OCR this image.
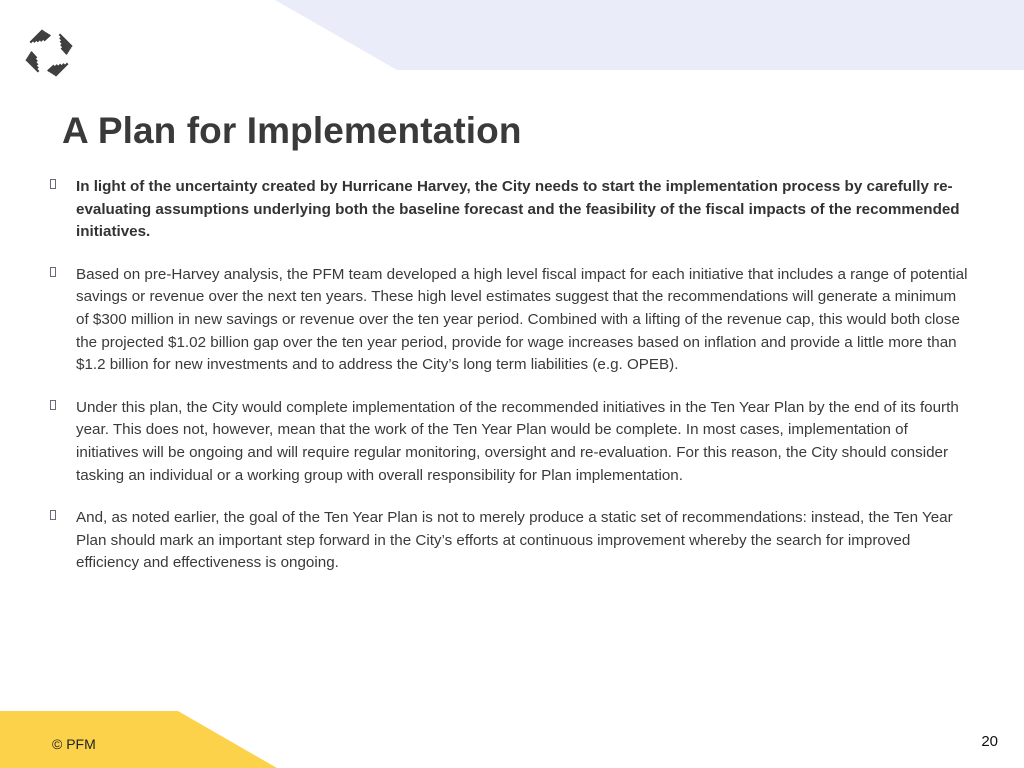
A Plan for Implementation
In light of the uncertainty created by Hurricane Harvey, the City needs to start the implementation process by carefully re-evaluating assumptions underlying both the baseline forecast and the feasibility of the fiscal impacts of the recommended initiatives.
Based on pre-Harvey analysis, the PFM team developed a high level fiscal impact for each initiative that includes a range of potential savings or revenue over the next ten years. These high level estimates suggest that the recommendations will generate a minimum of $300 million in new savings or revenue over the ten year period. Combined with a lifting of the revenue cap, this would both close the projected $1.02 billion gap over the ten year period, provide for wage increases based on inflation and provide a little more than $1.2 billion for new investments and to address the City’s long term liabilities (e.g. OPEB).
Under this plan, the City would complete implementation of the recommended initiatives in the Ten Year Plan by the end of its fourth year. This does not, however, mean that the work of the Ten Year Plan would be complete. In most cases, implementation of initiatives will be ongoing and will require regular monitoring, oversight and re-evaluation. For this reason, the City should consider tasking an individual or a working group with overall responsibility for Plan implementation.
And, as noted earlier, the goal of the Ten Year Plan is not to merely produce a static set of recommendations: instead, the Ten Year Plan should mark an important step forward in the City’s efforts at continuous improvement whereby the search for improved efficiency and effectiveness is ongoing.
© PFM	20
